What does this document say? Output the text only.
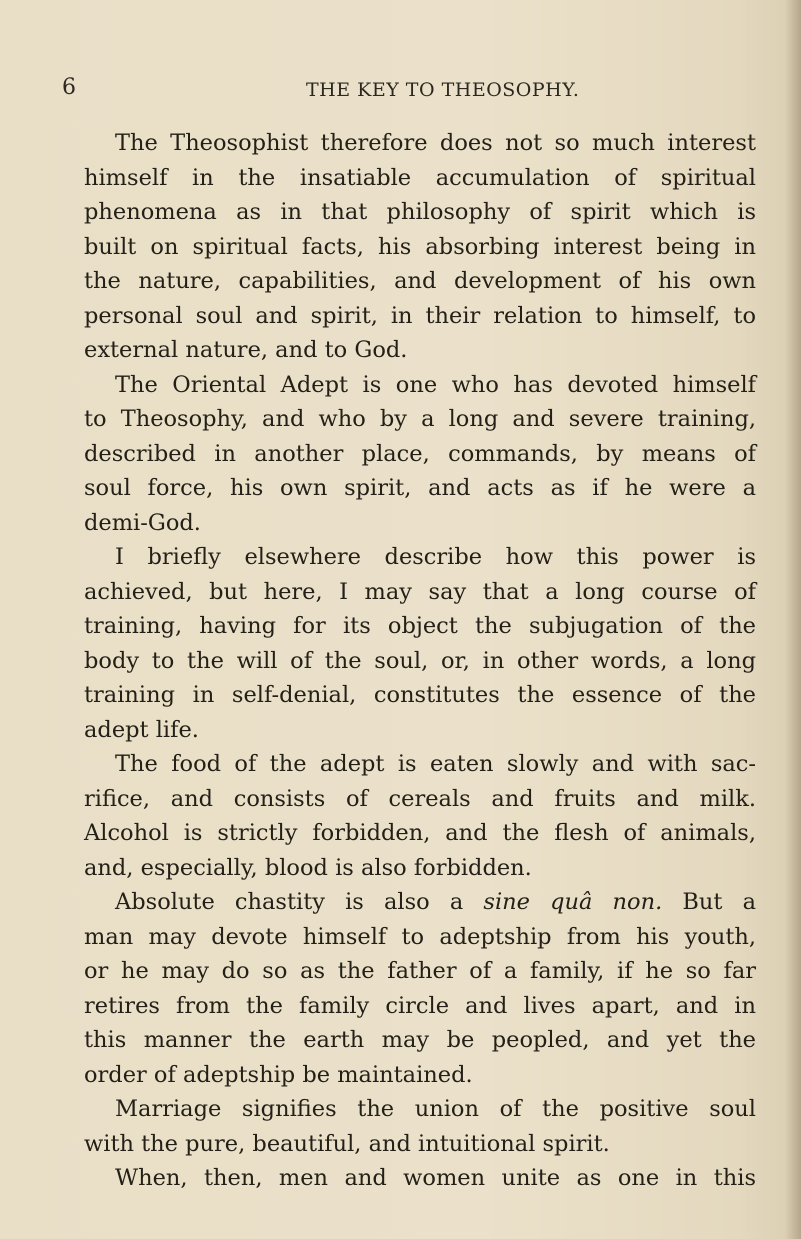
6	THE KEY TO THEOSOPHY.
The Theosophist therefore does not so much interest
himself in the insatiable accumulation of spiritual
phenomena as in that philosophy of spirit which is
built on spiritual facts, his absorbing interest being in
the nature, capabilities, and development of his own
personal soul and spirit, in their relation to himself, to
external nature, and to God.
The Oriental Adept is one who has devoted himself
to Theosophy, and who by a long and severe training,
described in another place, commands, by means of
soul force, his own spirit, and acts as if he were a
demi-God.
I briefly elsewhere describe how this power is
achieved, but here, I may say that a long course of
training, having for its object the subjugation of the
body to the will of the soul, or, in other words, a long
training in self-denial, constitutes the essence of the
adept life.
The food of the adept is eaten slowly and with sac-
rifice, and consists of cereals and fruits and milk.
Alcohol is strictly forbidden, and the flesh of animals,
and, especially, blood is also forbidden.
Absolute chastity is also a sine quâ non. But a
man may devote himself to adeptship from his youth,
or he may do so as the father of a family, if he so far
retires from the family circle and lives apart, and in
this manner the earth may be peopled, and yet the
order of adeptship be maintained.
Marriage signifies the union of the positive soul
with the pure, beautiful, and intuitional spirit.
When, then, men and women unite as one in this
